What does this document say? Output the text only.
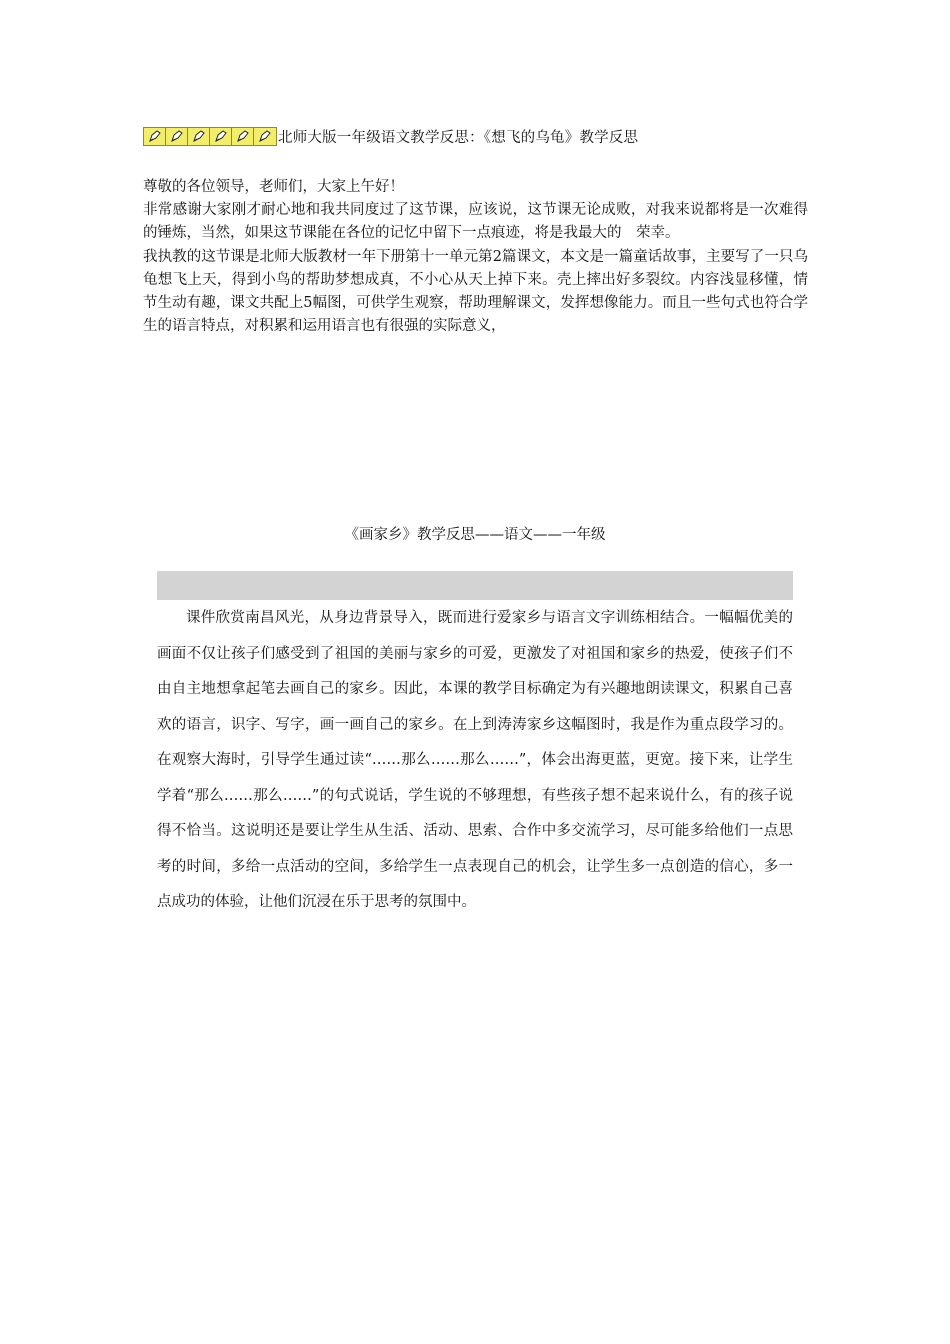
北师大版一年级语文教学反思：《想飞的乌龟》教学反思

尊敬的各位领导，老师们，大家上午好！

非常感谢大家刚才耐心地和我共同度过了这节课，应该说，这节课无论成败，对我来说都将是一次难得的锤炼，当然，如果这节课能在各位的记忆中留下一点痕迹，将是我最大的　荣幸。

我执教的这节课是北师大版教材一年下册第十一单元第2篇课文，本文是一篇童话故事，主要写了一只乌龟想飞上天，得到小鸟的帮助梦想成真，不小心从天上掉下来。壳上摔出好多裂纹。内容浅显移懂，情节生动有趣，课文共配上5幅图，可供学生观察，帮助理解课文，发挥想像能力。而且一些句式也符合学生的语言特点，对积累和运用语言也有很强的实际意义，

《画家乡》教学反思——语文——一年级

课件欣赏南昌风光，从身边背景导入，既而进行爱家乡与语言文字训练相结合。一幅幅优美的画面不仅让孩子们感受到了祖国的美丽与家乡的可爱，更激发了对祖国和家乡的热爱，使孩子们不由自主地想拿起笔去画自己的家乡。因此，本课的教学目标确定为有兴趣地朗读课文，积累自己喜欢的语言，识字、写字，画一画自己的家乡。在上到涛涛家乡这幅图时，我是作为重点段学习的。在观察大海时，引导学生通过读“……那么……那么……”，体会出海更蓝，更宽。接下来，让学生学着“那么……那么……”的句式说话，学生说的不够理想，有些孩子想不起来说什么，有的孩子说得不恰当。这说明还是要让学生从生活、活动、思索、合作中多交流学习，尽可能多给他们一点思考的时间，多给一点活动的空间，多给学生一点表现自己的机会，让学生多一点创造的信心，多一点成功的体验，让他们沉浸在乐于思考的氛围中。
